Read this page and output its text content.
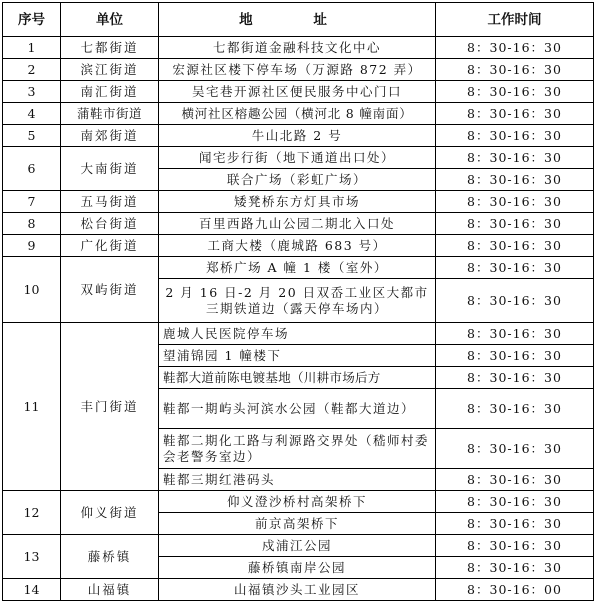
序号	单位	地 址	工作时间
1	七都街道	七都街道金融科技文化中心	8：30-16：30
2	滨江街道	宏源社区楼下停车场（万源路 872 弄）	8：30-16：30
3	南汇街道	吴宅巷开源社区便民服务中心门口	8：30-16：30
4	蒲鞋市街道	横河社区榕趣公园（横河北 8 幢南面）	8：30-16：30
5	南郊街道	牛山北路 2 号	8：30-16：30
6	大南街道	闻宅步行街（地下通道出口处）	8：30-16：30
		联合广场（彩虹广场）	8：30-16：30
7	五马街道	矮凳桥东方灯具市场	8：30-16：30
8	松台街道	百里西路九山公园二期北入口处	8：30-16：30
9	广化街道	工商大楼（鹿城路 683 号）	8：30-16：30
10	双屿街道	郑桥广场 A 幢 1 楼（室外）	8：30-16：30
		2 月 16 日-2 月 20 日双岙工业区大都市三期铁道边（露天停车场内）	8：30-16：30
11	丰门街道	鹿城人民医院停车场	8：30-16：30
		望浦锦园 1 幢楼下	8：30-16：30
		鞋都大道前陈电镀基地（川耕市场后方	8：30-16：30
		鞋都一期屿头河滨水公园（鞋都大道边）	8：30-16：30
		鞋都二期化工路与利源路交界处（嵇师村委会老警务室边）	8：30-16：30
		鞋都三期红港码头	8：30-16：30
12	仰义街道	仰义澄沙桥村高架桥下	8：30-16：30
		前京高架桥下	8：30-16：30
13	藤桥镇	戍浦江公园	8：30-16：30
		藤桥镇南岸公园	8：30-16：30
14	山福镇	山福镇沙头工业园区	8：30-16：00
